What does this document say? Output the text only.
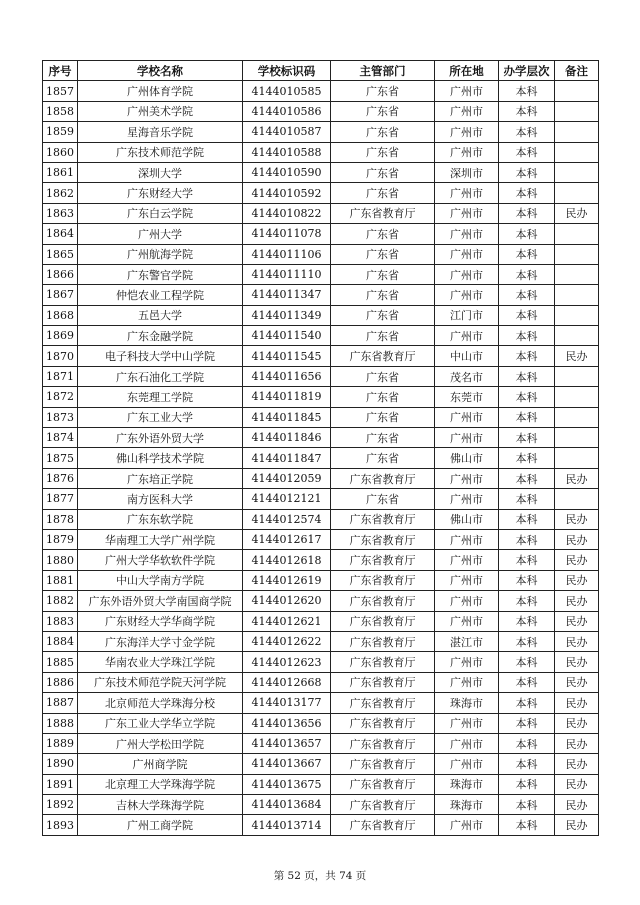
序号	学校名称	学校标识码	主管部门	所在地	办学层次	备注
1857	广州体育学院	4144010585	广东省	广州市	本科	
1858	广州美术学院	4144010586	广东省	广州市	本科	
1859	星海音乐学院	4144010587	广东省	广州市	本科	
1860	广东技术师范学院	4144010588	广东省	广州市	本科	
1861	深圳大学	4144010590	广东省	深圳市	本科	
1862	广东财经大学	4144010592	广东省	广州市	本科	
1863	广东白云学院	4144010822	广东省教育厅	广州市	本科	民办
1864	广州大学	4144011078	广东省	广州市	本科	
1865	广州航海学院	4144011106	广东省	广州市	本科	
1866	广东警官学院	4144011110	广东省	广州市	本科	
1867	仲恺农业工程学院	4144011347	广东省	广州市	本科	
1868	五邑大学	4144011349	广东省	江门市	本科	
1869	广东金融学院	4144011540	广东省	广州市	本科	
1870	电子科技大学中山学院	4144011545	广东省教育厅	中山市	本科	民办
1871	广东石油化工学院	4144011656	广东省	茂名市	本科	
1872	东莞理工学院	4144011819	广东省	东莞市	本科	
1873	广东工业大学	4144011845	广东省	广州市	本科	
1874	广东外语外贸大学	4144011846	广东省	广州市	本科	
1875	佛山科学技术学院	4144011847	广东省	佛山市	本科	
1876	广东培正学院	4144012059	广东省教育厅	广州市	本科	民办
1877	南方医科大学	4144012121	广东省	广州市	本科	
1878	广东东软学院	4144012574	广东省教育厅	佛山市	本科	民办
1879	华南理工大学广州学院	4144012617	广东省教育厅	广州市	本科	民办
1880	广州大学华软软件学院	4144012618	广东省教育厅	广州市	本科	民办
1881	中山大学南方学院	4144012619	广东省教育厅	广州市	本科	民办
1882	广东外语外贸大学南国商学院	4144012620	广东省教育厅	广州市	本科	民办
1883	广东财经大学华商学院	4144012621	广东省教育厅	广州市	本科	民办
1884	广东海洋大学寸金学院	4144012622	广东省教育厅	湛江市	本科	民办
1885	华南农业大学珠江学院	4144012623	广东省教育厅	广州市	本科	民办
1886	广东技术师范学院天河学院	4144012668	广东省教育厅	广州市	本科	民办
1887	北京师范大学珠海分校	4144013177	广东省教育厅	珠海市	本科	民办
1888	广东工业大学华立学院	4144013656	广东省教育厅	广州市	本科	民办
1889	广州大学松田学院	4144013657	广东省教育厅	广州市	本科	民办
1890	广州商学院	4144013667	广东省教育厅	广州市	本科	民办
1891	北京理工大学珠海学院	4144013675	广东省教育厅	珠海市	本科	民办
1892	吉林大学珠海学院	4144013684	广东省教育厅	珠海市	本科	民办
1893	广州工商学院	4144013714	广东省教育厅	广州市	本科	民办
第 52 页，共 74 页
